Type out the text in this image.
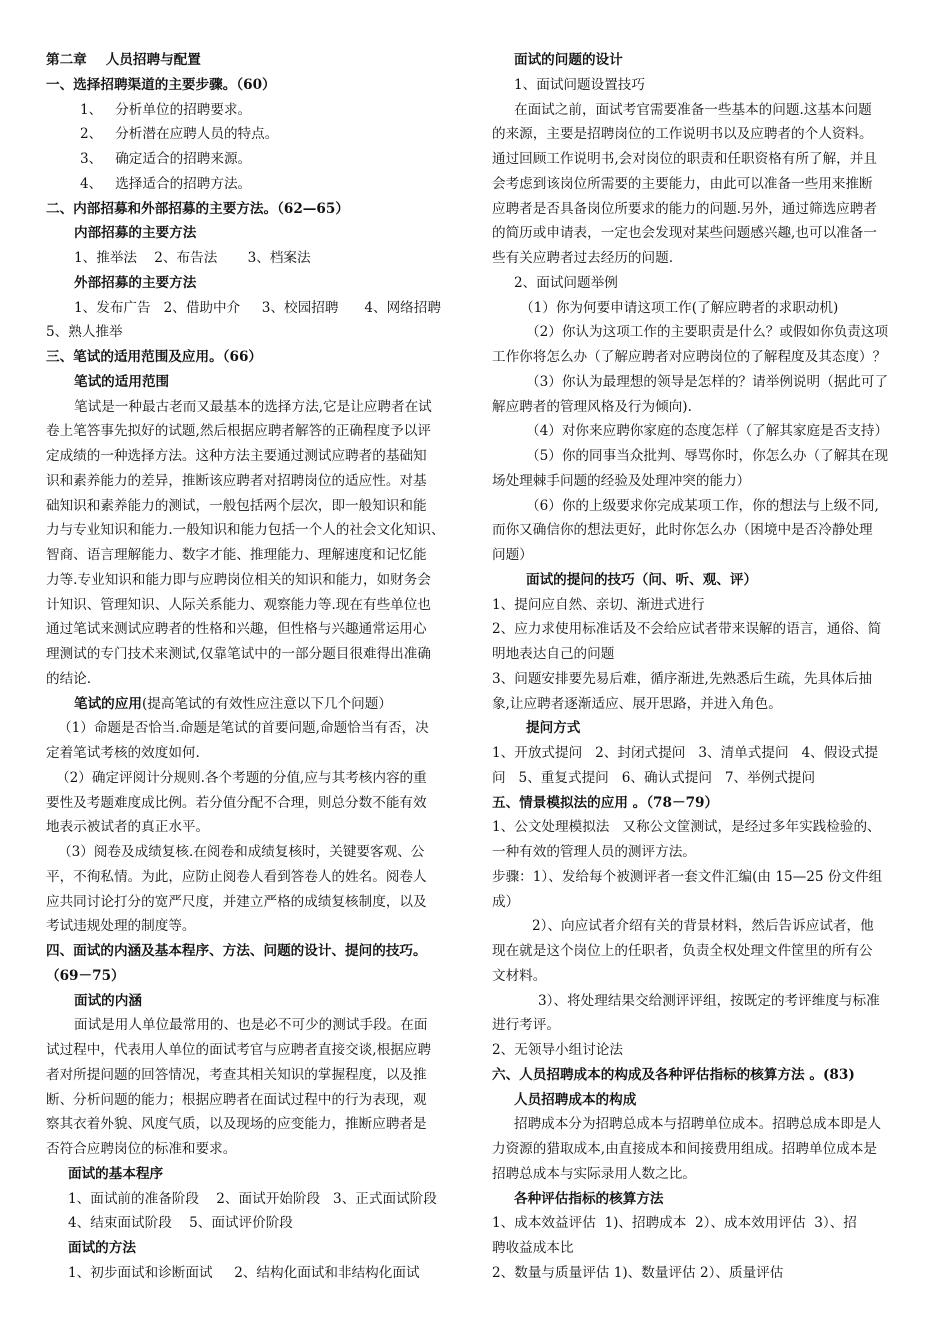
第二章    人员招聘与配置
一、选择招聘渠道的主要步骤。（60）
1、   分析单位的招聘要求。
2、   分析潜在应聘人员的特点。
3、   确定适合的招聘来源。
4、   选择适合的招聘方法。
二、内部招募和外部招募的主要方法。（62—65）
内部招募的主要方法
1、推举法    2、布告法       3、档案法
外部招募的主要方法
1、发布广告   2、借助中介     3、校园招聘      4、网络招聘
5、熟人推举
三、笔试的适用范围及应用。（66）
笔试的适用范围
笔试是一种最古老而又最基本的选择方法,它是让应聘者在试
卷上笔答事先拟好的试题,然后根据应聘者解答的正确程度予以评
定成绩的一种选择方法。这种方法主要通过测试应聘者的基础知
识和素养能力的差异，推断该应聘者对招聘岗位的适应性。对基
础知识和素养能力的测试，一般包括两个层次，即一般知识和能
力与专业知识和能力.一般知识和能力包括一个人的社会文化知识、
智商、语言理解能力、数字才能、推理能力、理解速度和记忆能
力等.专业知识和能力即与应聘岗位相关的知识和能力，如财务会
计知识、管理知识、人际关系能力、观察能力等.现在有些单位也
通过笔试来测试应聘者的性格和兴趣，但性格与兴趣通常运用心
理测试的专门技术来测试,仅靠笔试中的一部分题目很难得出准确
的结论.
笔试的应用(提高笔试的有效性应注意以下几个问题）
（1）命题是否恰当.命题是笔试的首要问题,命题恰当有否，决
定着笔试考核的效度如何.
（2）确定评阅计分规则.各个考题的分值,应与其考核内容的重
要性及考题难度成比例。若分值分配不合理，则总分数不能有效
地表示被试者的真正水平。
（3）阅卷及成绩复核.在阅卷和成绩复核时，关键要客观、公
平，不徇私情。为此，应防止阅卷人看到答卷人的姓名。阅卷人
应共同讨论打分的宽严尺度，并建立严格的成绩复核制度，以及
考试违规处理的制度等。
四、面试的内涵及基本程序、方法、问题的设计、提问的技巧。
（69－75）
面试的内涵
面试是用人单位最常用的、也是必不可少的测试手段。在面
试过程中，代表用人单位的面试考官与应聘者直接交谈,根据应聘
者对所提问题的回答情况，考查其相关知识的掌握程度，以及推
断、分析问题的能力；根据应聘者在面试过程中的行为表现，观
察其衣着外貌、风度气质，以及现场的应变能力，推断应聘者是
否符合应聘岗位的标准和要求。
面试的基本程序
1、面试前的准备阶段    2、面试开始阶段   3、正式面试阶段
4、结束面试阶段    5、面试评价阶段
面试的方法
1、初步面试和诊断面试     2、结构化面试和非结构化面试
面试的问题的设计
1、面试问题设置技巧
在面试之前，面试考官需要准备一些基本的问题.这基本问题
的来源，主要是招聘岗位的工作说明书以及应聘者的个人资料。
通过回顾工作说明书,会对岗位的职责和任职资格有所了解，并且
会考虑到该岗位所需要的主要能力，由此可以准备一些用来推断
应聘者是否具备岗位所要求的能力的问题.另外，通过筛选应聘者
的简历或申请表，一定也会发现对某些问题感兴趣,也可以准备一
些有关应聘者过去经历的问题.
2、面试问题举例
（1）你为何要申请这项工作(了解应聘者的求职动机)
（2）你认为这项工作的主要职责是什么？或假如你负责这项
工作你将怎么办（了解应聘者对应聘岗位的了解程度及其态度）？
（3）你认为最理想的领导是怎样的？请举例说明（据此可了
解应聘者的管理风格及行为倾向).
（4）对你来应聘你家庭的态度怎样（了解其家庭是否支持）
（5）你的同事当众批判、辱骂你时，你怎么办（了解其在现
场处理棘手问题的经验及处理冲突的能力）
（6）你的上级要求你完成某项工作，你的想法与上级不同,
而你又确信你的想法更好，此时你怎么办（困境中是否冷静处理
问题）
面试的提问的技巧（问、听、观、评）
1、提问应自然、亲切、渐进式进行
2、应力求使用标准话及不会给应试者带来误解的语言，通俗、简
明地表达自己的问题
3、问题安排要先易后难，循序渐进,先熟悉后生疏，先具体后抽
象,让应聘者逐渐适应、展开思路，并进入角色。
提问方式
1、开放式提问   2、封闭式提问   3、清单式提问   4、假设式提
问   5、重复式提问   6、确认式提问   7、举例式提问
五、情景模拟法的应用 。（78－79）
1、公文处理模拟法   又称公文筐测试，是经过多年实践检验的、
一种有效的管理人员的测评方法。
步骤：1）、发给每个被测评者一套文件汇编(由 15—25 份文件组
成）
2）、向应试者介绍有关的背景材料，然后告诉应试者，他
现在就是这个岗位上的任职者，负责全权处理文件筐里的所有公
文材料。
3）、将处理结果交给测评评组，按既定的考评维度与标准
进行考评。
2、无领导小组讨论法
六、人员招聘成本的构成及各种评估指标的核算方法 。(83)
人员招聘成本的构成
招聘成本分为招聘总成本与招聘单位成本。招聘总成本即是人
力资源的猎取成本,由直接成本和间接费用组成。招聘单位成本是
招聘总成本与实际录用人数之比。
各种评估指标的核算方法
1、成本效益评估  1)、招聘成本  2）、成本效用评估  3）、招
聘收益成本比
2、数量与质量评估 1)、数量评估 2）、质量评估
